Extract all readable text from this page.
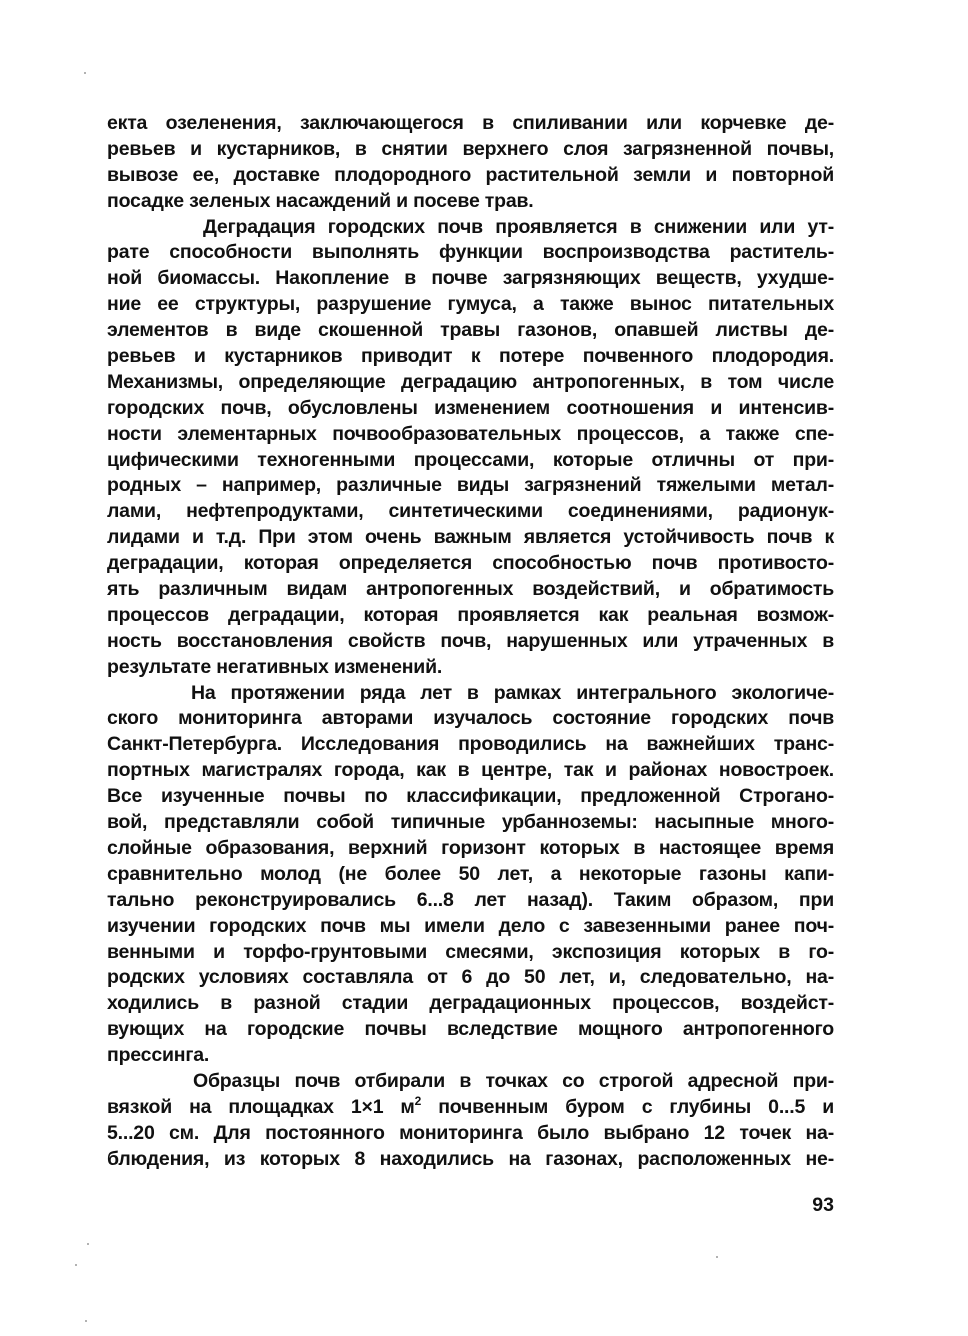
екта озеленения, заключающегося в спиливании или корчевке де-
ревьев и кустарников, в снятии верхнего слоя загрязненной почвы,
вывозе ее, доставке плодородного растительной земли и повторной
посадке зеленых насаждений и посеве трав.
Деградация городских почв проявляется в снижении или ут-
рате способности выполнять функции воспроизводства раститель-
ной биомассы. Накопление в почве загрязняющих веществ, ухудше-
ние ее структуры, разрушение гумуса, а также вынос питательных
элементов в виде скошенной травы газонов, опавшей листвы де-
ревьев и кустарников приводит к потере почвенного плодородия.
Механизмы, определяющие деградацию антропогенных, в том числе
городских почв, обусловлены изменением соотношения и интенсив-
ности элементарных почвообразовательных процессов, а также спе-
цифическими техногенными процессами, которые отличны от при-
родных – например, различные виды загрязнений тяжелыми метал-
лами, нефтепродуктами, синтетическими соединениями, радионук-
лидами и т.д. При этом очень важным является устойчивость почв к
деградации, которая определяется способностью почв противосто-
ять различным видам антропогенных воздействий, и обратимость
процессов деградации, которая проявляется как реальная возмож-
ность восстановления свойств почв, нарушенных или утраченных в
результате негативных изменений.
На протяжении ряда лет в рамках интегрального экологиче-
ского мониторинга авторами изучалось состояние городских почв
Санкт-Петербурга. Исследования проводились на важнейших транс-
портных магистралях города, как в центре, так и районах новостроек.
Все изученные почвы по классификации, предложенной Строгано-
вой, представляли собой типичные урбанноземы: насыпные много-
слойные образования, верхний горизонт которых в настоящее время
сравнительно молод (не более 50 лет, а некоторые газоны капи-
тально реконструировались 6...8 лет назад). Таким образом, при
изучении городских почв мы имели дело с завезенными ранее поч-
венными и торфо-грунтовыми смесями, экспозиция которых в го-
родских условиях составляла от 6 до 50 лет, и, следовательно, на-
ходились в разной стадии деградационных процессов, воздейст-
вующих на городские почвы вследствие мощного антропогенного
прессинга.
Образцы почв отбирали в точках со строгой адресной при-
вязкой на площадках 1×1 $м^2$ почвенным буром с глубины 0...5 и
5...20 см. Для постоянного мониторинга было выбрано 12 точек на-
блюдения, из которых 8 находились на газонах, расположенных не-
93
